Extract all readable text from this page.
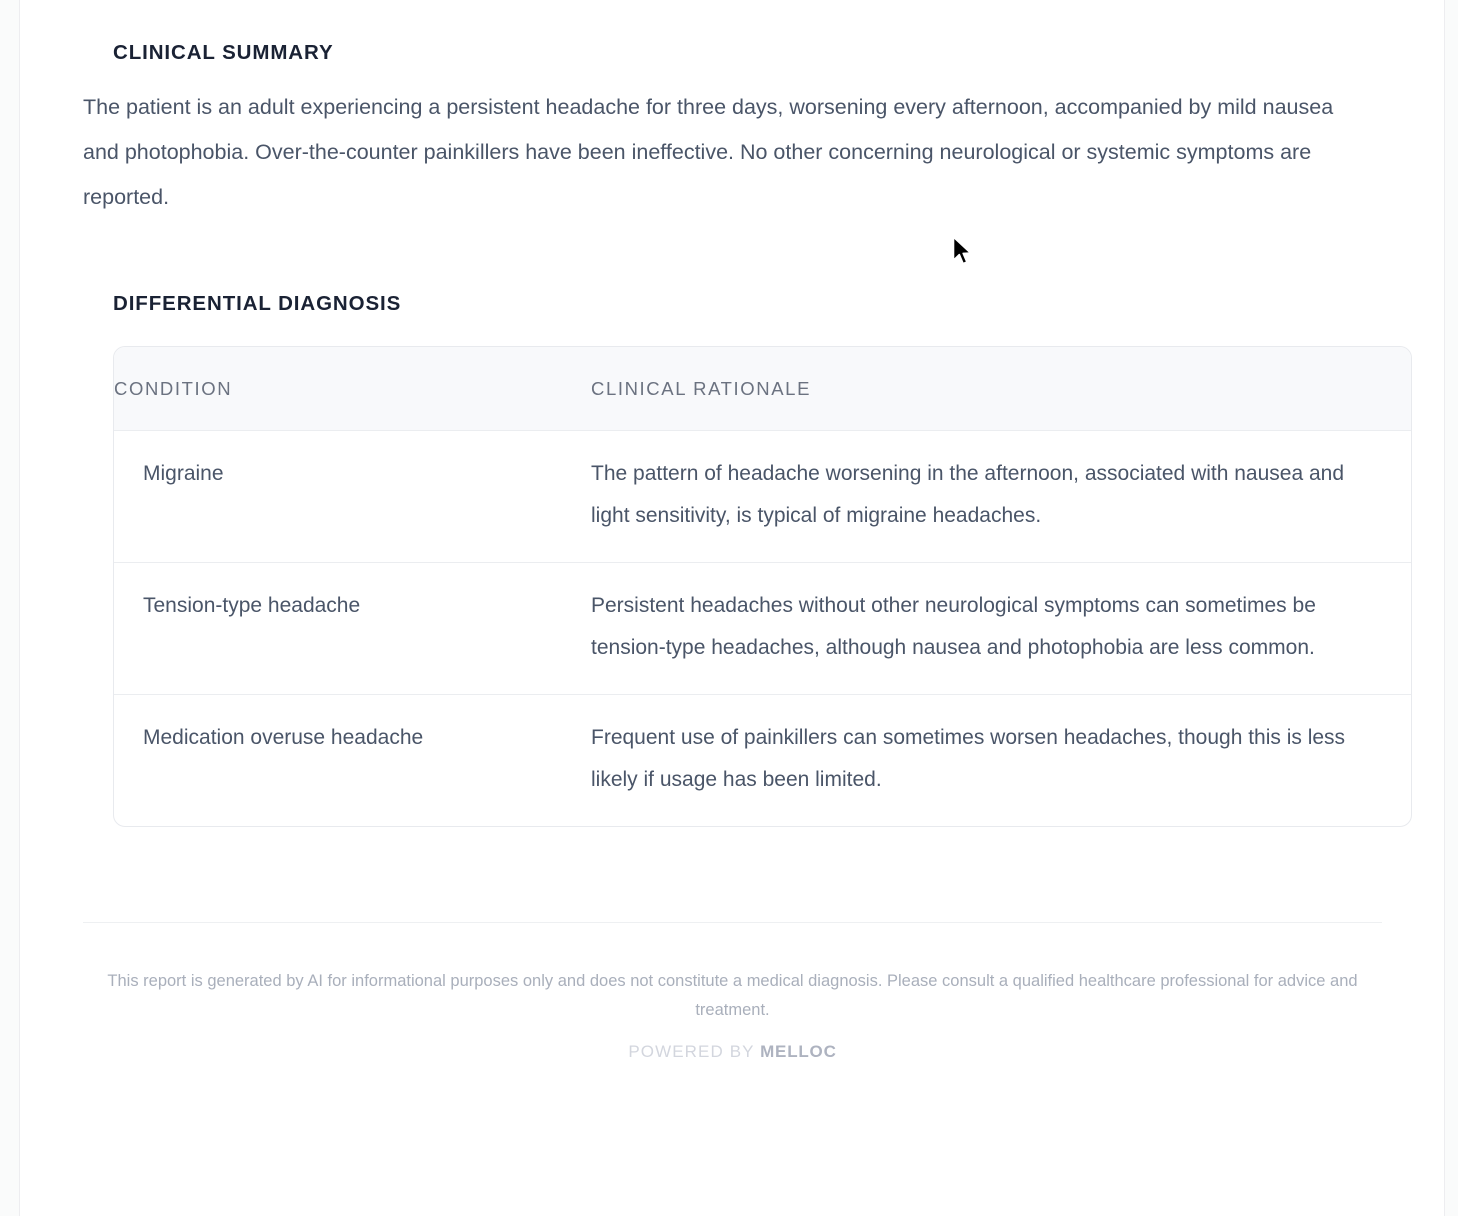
CLINICAL SUMMARY

The patient is an adult experiencing a persistent headache for three days, worsening every afternoon, accompanied by mild nausea and photophobia. Over-the-counter painkillers have been ineffective. No other concerning neurological or systemic symptoms are reported.

DIFFERENTIAL DIAGNOSIS
CONDITION	CLINICAL RATIONALE
Migraine	The pattern of headache worsening in the afternoon, associated with nausea and light sensitivity, is typical of migraine headaches.
Tension-type headache	Persistent headaches without other neurological symptoms can sometimes be tension-type headaches, although nausea and photophobia are less common.
Medication overuse headache	Frequent use of painkillers can sometimes worsen headaches, though this is less likely if usage has been limited.

This report is generated by AI for informational purposes only and does not constitute a medical diagnosis. Please consult a qualified healthcare professional for advice and treatment.

POWERED BY MELLOC
